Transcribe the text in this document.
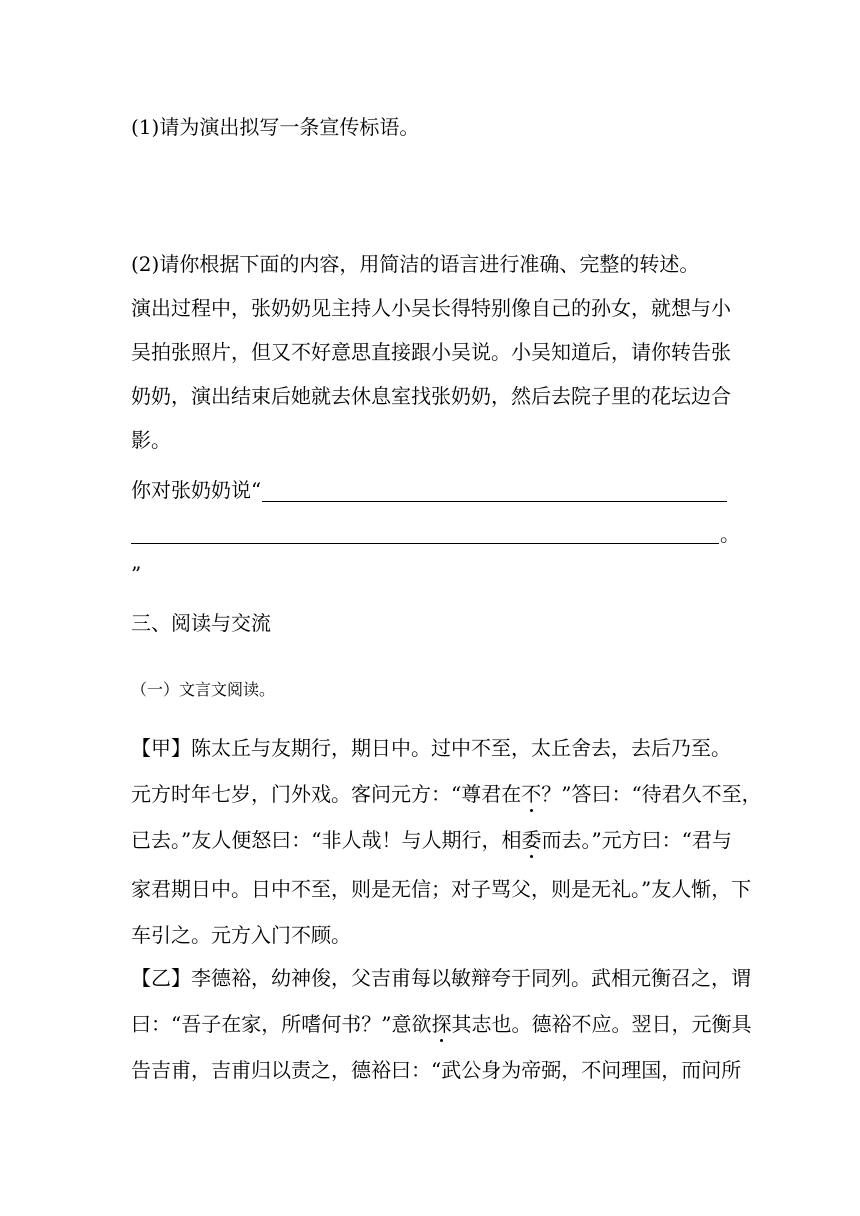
(1)请为演出拟写一条宣传标语。

(2)请你根据下面的内容，用简洁的语言进行准确、完整的转述。

演出过程中，张奶奶见主持人小吴长得特别像自己的孙女，就想与小

吴拍张照片，但又不好意思直接跟小吴说。小吴知道后，请你转告张

奶奶，演出结束后她就去休息室找张奶奶，然后去院子里的花坛边合

影。

你对张奶奶说“

。

”

三、阅读与交流

（一）文言文阅读。

【甲】陈太丘与友期行，期日中。过中不至，太丘舍去，去后乃至。

元方时年七岁，门外戏。客问元方：“尊君在不？”答曰：“待君久不至，

已去。”友人便怒曰：“非人哉！与人期行，相委而去。”元方曰：“君与

家君期日中。日中不至，则是无信；对子骂父，则是无礼。”友人惭，下

车引之。元方入门不顾。

【乙】李德裕，幼神俊，父吉甫每以敏辩夸于同列。武相元衡召之，谓

曰：“吾子在家，所嗜何书？”意欲探其志也。德裕不应。翌日，元衡具

告吉甫，吉甫归以责之，德裕曰：“武公身为帝弼，不问理国，而问所
